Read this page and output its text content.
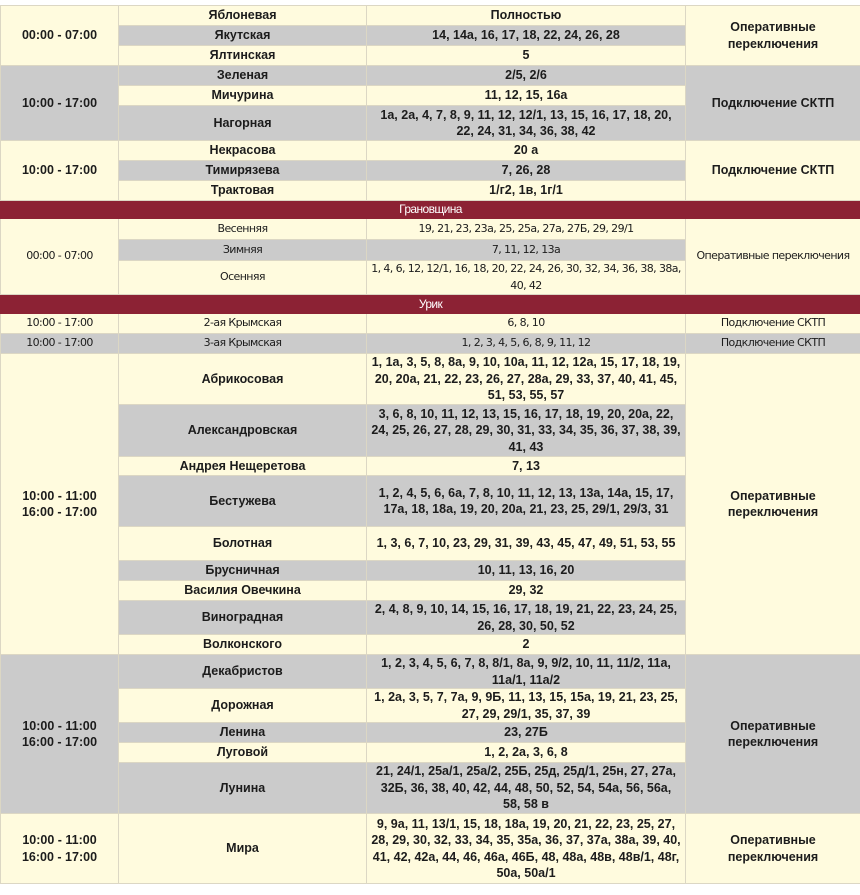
00:00 - 07:00	Яблоневая	Полностью	Оперативные переключения
	Якутская	14, 14а, 16, 17, 18, 22, 24, 26, 28	
	Ялтинская	5	
10:00 - 17:00	Зеленая	2/5, 2/6	Подключение СКТП
	Мичурина	11, 12, 15, 16а	
	Нагорная	1а, 2а, 4, 7, 8, 9, 11, 12, 12/1, 13, 15, 16, 17, 18, 20, 22, 24, 31, 34, 36, 38, 42	
10:00 - 17:00	Некрасова	20 а	Подключение СКТП
	Тимирязева	7, 26, 28	
	Трактовая	1/г2, 1в, 1г/1	
Грановщина			
00:00 - 07:00	Весенняя	19, 21, 23, 23а, 25, 25а, 27а, 27Б, 29, 29/1	Оперативные переключения
	Зимняя	7, 11, 12, 13а	
	Осенняя	1, 4, 6, 12, 12/1, 16, 18, 20, 22, 24, 26, 30, 32, 34, 36, 38, 38а, 40, 42	
Урик			
10:00 - 17:00	2-ая Крымская	6, 8, 10	Подключение СКТП
10:00 - 17:00	3-ая Крымская	1, 2, 3, 4, 5, 6, 8, 9, 11, 12	Подключение СКТП

10:00 - 11:00
16:00 - 17:00	Абрикосовая	1, 1а, 3, 5, 8, 8а, 9, 10, 10а, 11, 12, 12а, 15, 17, 18, 19, 20, 20а, 21, 22, 23, 26, 27, 28а, 29, 33, 37, 40, 41, 45, 51, 53, 55, 57	Оперативные переключения
	Александровская	3, 6, 8, 10, 11, 12, 13, 15, 16, 17, 18, 19, 20, 20а, 22, 24, 25, 26, 27, 28, 29, 30, 31, 33, 34, 35, 36, 37, 38, 39, 41, 43	
	Андрея Нещеретова	7, 13	
	Бестужева	1, 2, 4, 5, 6, 6а, 7, 8, 10, 11, 12, 13, 13а, 14а, 15, 17, 17а, 18, 18а, 19, 20, 20а, 21, 23, 25, 29/1, 29/3, 31	
	Болотная	1, 3, 6, 7, 10, 23, 29, 31, 39, 43, 45, 47, 49, 51, 53, 55	
	Брусничная	10, 11, 13, 16, 20	
	Василия Овечкина	29, 32	
	Виноградная	2, 4, 8, 9, 10, 14, 15, 16, 17, 18, 19, 21, 22, 23, 24, 25, 26, 28, 30, 50, 52	
	Волконского	2	

10:00 - 11:00
16:00 - 17:00	Декабристов	1, 2, 3, 4, 5, 6, 7, 8, 8/1, 8а, 9, 9/2, 10, 11, 11/2, 11а, 11а/1, 11а/2	Оперативные переключения
	Дорожная	1, 2а, 3, 5, 7, 7а, 9, 9Б, 11, 13, 15, 15а, 19, 21, 23, 25, 27, 29, 29/1, 35, 37, 39	
	Ленина	23, 27Б	
	Луговой	1, 2, 2а, 3, 6, 8	
	Лунина	21, 24/1, 25а/1, 25а/2, 25Б, 25д, 25д/1, 25н, 27, 27а, 32Б, 36, 38, 40, 42, 44, 48, 50, 52, 54, 54а, 56, 56а, 58, 58 в	

10:00 - 11:00
16:00 - 17:00	Мира	9, 9а, 11, 13/1, 15, 18, 18а, 19, 20, 21, 22, 23, 25, 27, 28, 29, 30, 32, 33, 34, 35, 35а, 36, 37, 37а, 38а, 39, 40, 41, 42, 42а, 44, 46, 46а, 46Б, 48, 48а, 48в, 48в/1, 48г, 50а, 50а/1	Оперативные переключения
